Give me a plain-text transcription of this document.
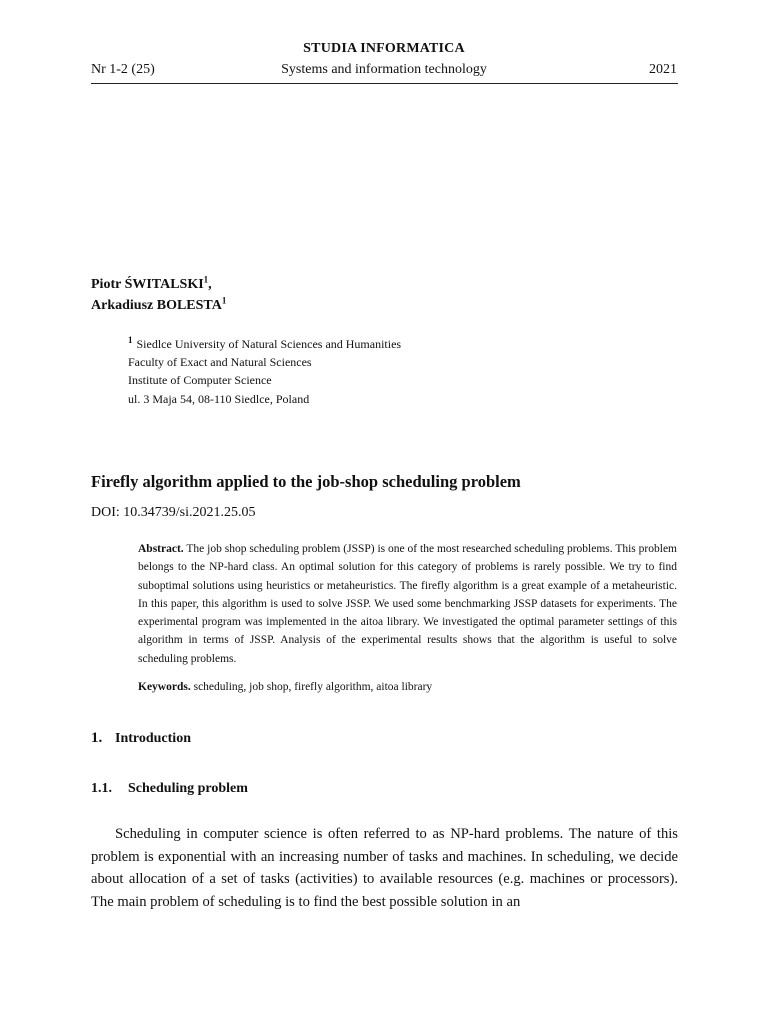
STUDIA INFORMATICA
Nr 1-2 (25)	Systems and information technology	2021
Piotr ŚWITALSKI$^1$,
Arkadiusz BOLESTA$^1$
$^1$ Siedlce University of Natural Sciences and Humanities
Faculty of Exact and Natural Sciences
Institute of Computer Science
ul. 3 Maja 54, 08-110 Siedlce, Poland
Firefly algorithm applied to the job-shop scheduling problem
DOI: 10.34739/si.2021.25.05
Abstract. The job shop scheduling problem (JSSP) is one of the most researched scheduling problems. This problem belongs to the NP-hard class. An optimal solution for this category of problems is rarely possible. We try to find suboptimal solutions using heuristics or metaheuristics. The firefly algorithm is a great example of a metaheuristic. In this paper, this algorithm is used to solve JSSP. We used some benchmarking JSSP datasets for experiments. The experimental program was implemented in the aitoa library. We investigated the optimal parameter settings of this algorithm in terms of JSSP. Analysis of the experimental results shows that the algorithm is useful to solve scheduling problems.
Keywords. scheduling, job shop, firefly algorithm, aitoa library
1. Introduction
1.1. Scheduling problem
Scheduling in computer science is often referred to as NP-hard problems. The nature of this problem is exponential with an increasing number of tasks and machines. In scheduling, we decide about allocation of a set of tasks (activities) to available resources (e.g. machines or processors). The main problem of scheduling is to find the best possible solution in an
